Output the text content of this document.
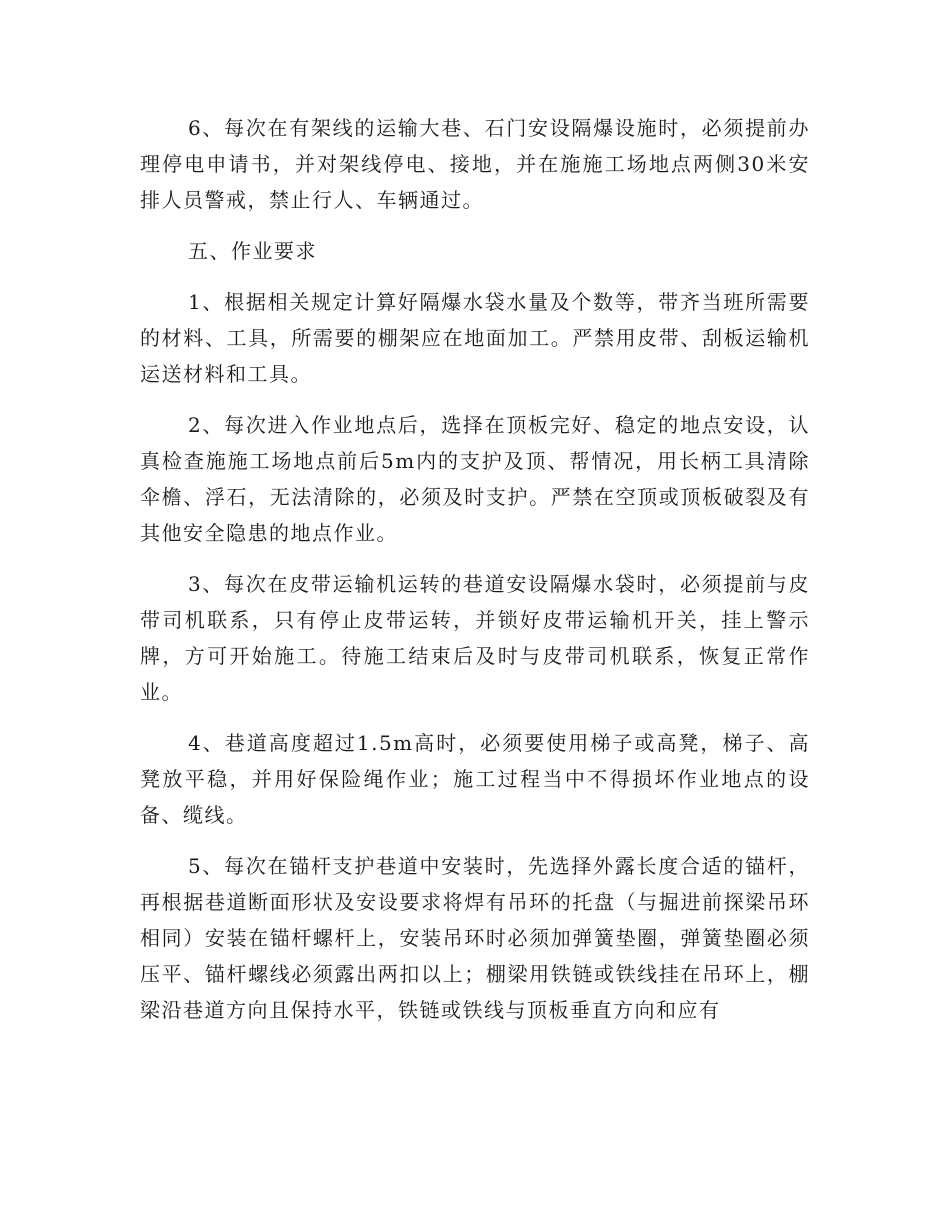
6、每次在有架线的运输大巷、石门安设隔爆设施时，必须提前办理停电申请书，并对架线停电、接地，并在施施工场地点两侧30米安排人员警戒，禁止行人、车辆通过。

五、作业要求

1、根据相关规定计算好隔爆水袋水量及个数等，带齐当班所需要的材料、工具，所需要的棚架应在地面加工。严禁用皮带、刮板运输机运送材料和工具。

2、每次进入作业地点后，选择在顶板完好、稳定的地点安设，认真检查施施工场地点前后5m内的支护及顶、帮情况，用长柄工具清除伞檐、浮石，无法清除的，必须及时支护。严禁在空顶或顶板破裂及有其他安全隐患的地点作业。

3、每次在皮带运输机运转的巷道安设隔爆水袋时，必须提前与皮带司机联系，只有停止皮带运转，并锁好皮带运输机开关，挂上警示牌，方可开始施工。待施工结束后及时与皮带司机联系，恢复正常作业。

4、巷道高度超过1.5m高时，必须要使用梯子或高凳，梯子、高凳放平稳，并用好保险绳作业；施工过程当中不得损坏作业地点的设备、缆线。

5、每次在锚杆支护巷道中安装时，先选择外露长度合适的锚杆，再根据巷道断面形状及安设要求将焊有吊环的托盘（与掘进前探梁吊环相同）安装在锚杆螺杆上，安装吊环时必须加弹簧垫圈，弹簧垫圈必须压平、锚杆螺线必须露出两扣以上；棚梁用铁链或铁线挂在吊环上，棚梁沿巷道方向且保持水平，铁链或铁线与顶板垂直方向和应有
